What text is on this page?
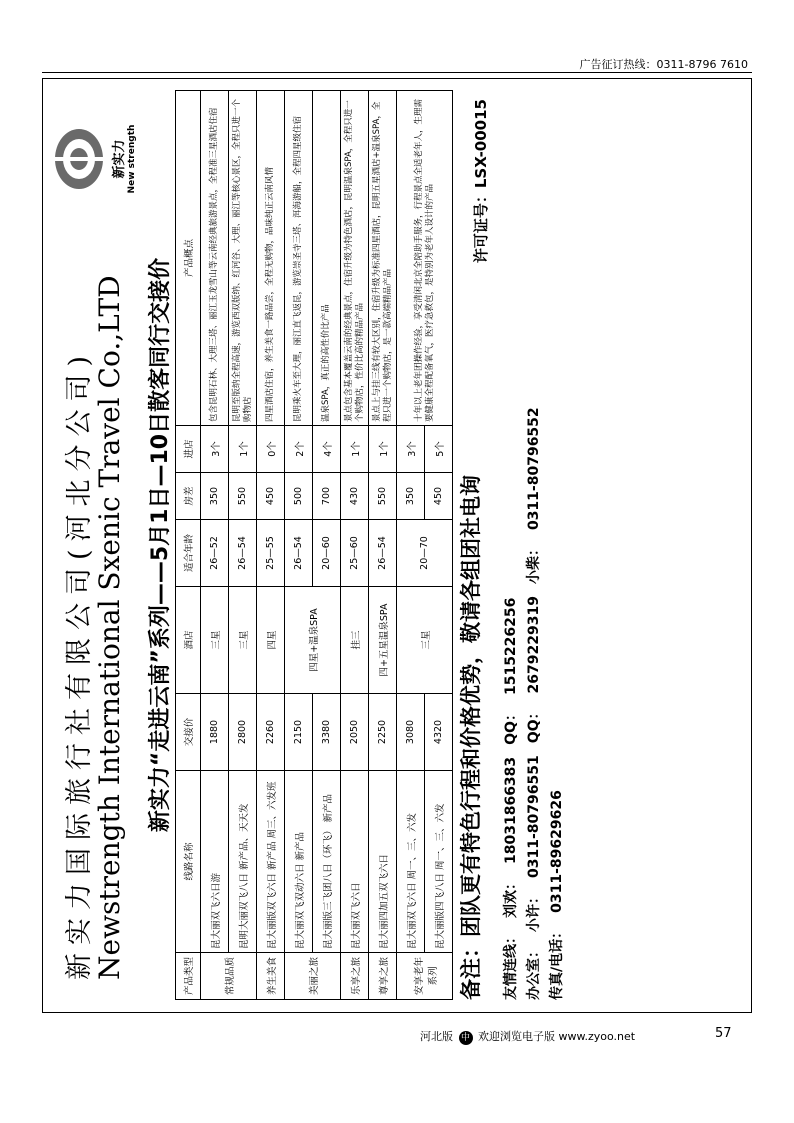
广告征订热线：0311-8796 7610
新实力 New strength
新实力国际旅行社有限公司(河北分公司)
Newstrength International Sxenic Travel Co.,LTD 新实力“走进云南”系列——5月1日—10日散客同行交接价
产品类型	线路名称	交接价	酒店	适合年龄	房差	进店	产品概点
常规品质	昆大丽双飞六日游	1880	三星	26—52	350	3个	包含昆明石林、大理三塔、丽江玉龙雪山等云南经典旅游景点，全程准三星酒店住宿
	昆明大丽双飞八日 新产品、天天发	2800	三星	26—54	550	1个	昆明至版纳全程高速，游览西双版纳、红河谷、大理、丽江等核心景区，全程只进一个购物店
养生美食	昆大丽版双飞六日 新产品 周三、六发班	2260	四星	25—55	450	0个	四星酒店住宿，养生美食一路品尝，全程无购物，品味纯正云南风情
美丽之旅	昆大丽双飞双动六日 新产品	2150	四星+温泉SPA	26—54	500	2个	昆明乘火车至大理，丽江直飞返昆，游览崇圣寺三塔、洱海游船，全程四星级住宿
	昆大丽版三飞团八日（环飞） 新产品	3380		20—60	700	4个	温泉SPA，真正的高性价比产品
乐享之旅	昆大丽双飞六日	2050	挂三	25—60	430	1个	景点包含基本覆盖云南的经典景点，住宿升级为特色酒店，昆明温泉SPA，全程只进一个购物店，性价比高的精品产品
尊享之旅	昆大丽四加五双飞六日	2250	四+五星温泉SPA	26—54	550	1个	景点上与挂三线有较大区别，住宿升级为标准四星酒店，昆明五星酒店+温泉SPA，全程只进一个购物店，是一款高端精品产品
安享老年系列	昆大丽双飞六日 周一、三、六发	3080	三星	20—70	350	3个	十年以上老年团操作经验，享受清闲北京全陪助手服务，行程景点全适老年人，生理需要健康全程配备氧气，医疗急救包，是特别为老年人设计的产品
	昆大丽版四飞八日 周一、三、六发	4320			450	5个	
备注：团队更有特色行程和价格优势，敬请各组团社电询
许可证号：LSX-00015
友情连线：刘欢：18031866383QQ：1515226256
办公室：小许：0311-80796551QQ：2679229319小柴：0311-80796552
传真/电话：0311-89629626
河北版 中 欢迎浏览电子版 www.zyoo.net	57
